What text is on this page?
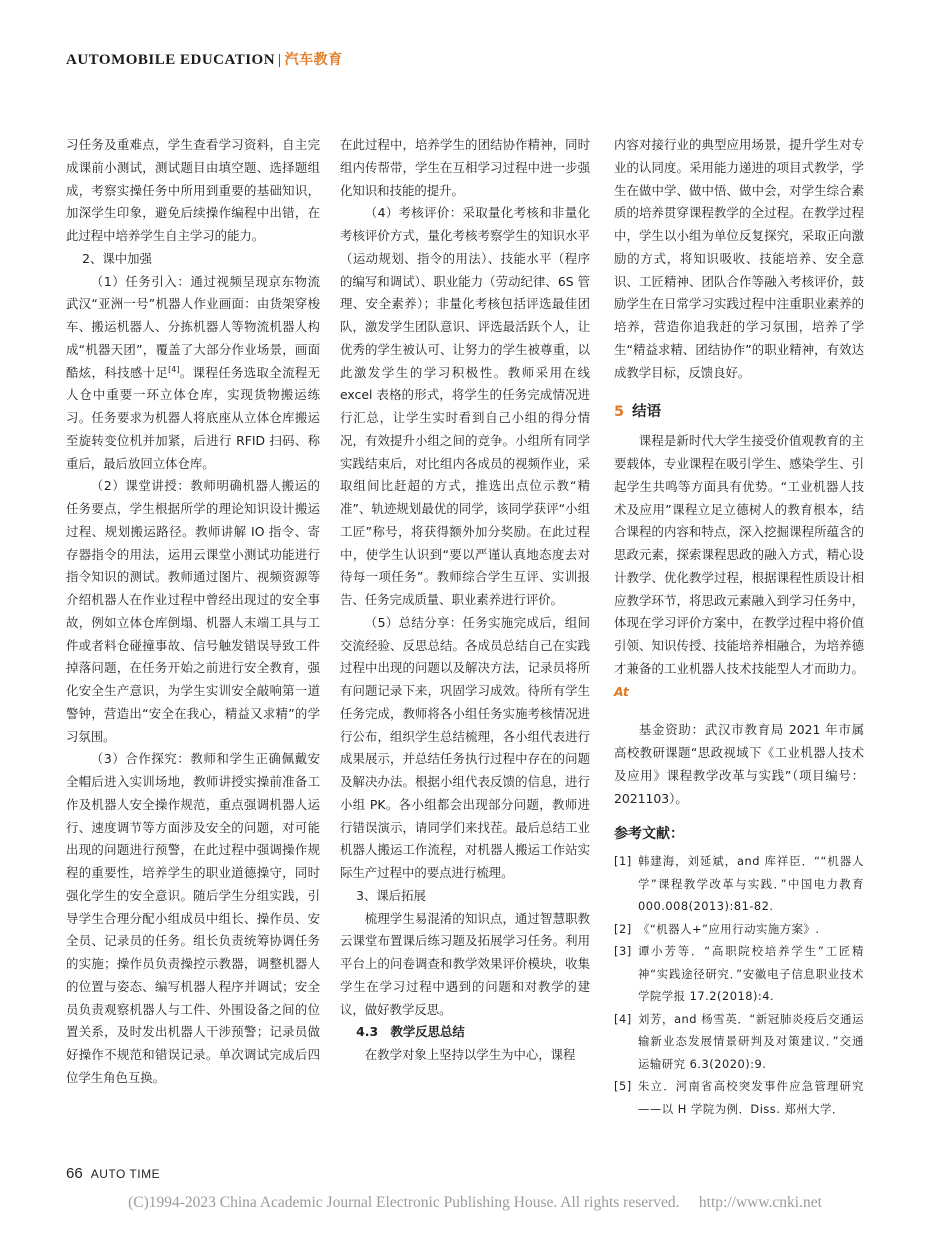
AUTOMOBILE EDUCATION | 汽车教育

习任务及重难点，学生查看学习资料，自主完成课前小测试，测试题目由填空题、选择题组成，考察实操任务中所用到重要的基础知识，加深学生印象，避免后续操作编程中出错，在此过程中培养学生自主学习的能力。

2、课中加强

（1）任务引入：通过视频呈现京东物流武汉“亚洲一号”机器人作业画面：由货架穿梭车、搬运机器人、分拣机器人等物流机器人构成“机器天团”，覆盖了大部分作业场景，画面酷炫，科技感十足[4]。课程任务选取全流程无人仓中重要一环立体仓库，实现货物搬运练习。任务要求为机器人将底座从立体仓库搬运至旋转变位机并加紧，后进行 RFID 扫码、称重后，最后放回立体仓库。

（2）课堂讲授：教师明确机器人搬运的任务要点，学生根据所学的理论知识设计搬运过程、规划搬运路径。教师讲解 IO 指令、寄存器指令的用法，运用云课堂小测试功能进行指令知识的测试。教师通过图片、视频资源等介绍机器人在作业过程中曾经出现过的安全事故，例如立体仓库倒塌、机器人末端工具与工件或者料仓碰撞事故、信号触发错误导致工件掉落问题，在任务开始之前进行安全教育，强化安全生产意识，为学生实训安全敲响第一道警钟，营造出“安全在我心，精益又求精”的学习氛围。

（3）合作探究：教师和学生正确佩戴安全帽后进入实训场地，教师讲授实操前准备工作及机器人安全操作规范，重点强调机器人运行、速度调节等方面涉及安全的问题，对可能出现的问题进行预警，在此过程中强调操作规程的重要性，培养学生的职业道德操守，同时强化学生的安全意识。随后学生分组实践，引导学生合理分配小组成员中组长、操作员、安全员、记录员的任务。组长负责统筹协调任务的实施；操作员负责操控示教器，调整机器人的位置与姿态、编写机器人程序并调试；安全员负责观察机器人与工件、外围设备之间的位置关系，及时发出机器人干涉预警；记录员做好操作不规范和错误记录。单次调试完成后四位学生角色互换。

在此过程中，培养学生的团结协作精神，同时组内传帮带，学生在互相学习过程中进一步强化知识和技能的提升。

（4）考核评价：采取量化考核和非量化考核评价方式，量化考核考察学生的知识水平（运动规划、指令的用法）、技能水平（程序的编写和调试）、职业能力（劳动纪律、6S 管理、安全素养）；非量化考核包括评选最佳团队，激发学生团队意识、评选最活跃个人，让优秀的学生被认可、让努力的学生被尊重，以此激发学生的学习积极性。教师采用在线 excel 表格的形式，将学生的任务完成情况进行汇总，让学生实时看到自己小组的得分情况，有效提升小组之间的竞争。小组所有同学实践结束后，对比组内各成员的视频作业，采取组间比赶超的方式，推选出点位示教“精准”、轨迹规划最优的同学，该同学获评“小组工匠”称号，将获得额外加分奖励。在此过程中，使学生认识到“要以严谨认真地态度去对待每一项任务”。教师综合学生互评、实训报告、任务完成质量、职业素养进行评价。

（5）总结分享：任务实施完成后，组间交流经验、反思总结。各成员总结自己在实践过程中出现的问题以及解决方法，记录员将所有问题记录下来，巩固学习成效。待所有学生任务完成，教师将各小组任务实施考核情况进行公布，组织学生总结梳理，各小组代表进行成果展示，并总结任务执行过程中存在的问题及解决办法。根据小组代表反馈的信息，进行小组 PK。各小组都会出现部分问题，教师进行错误演示，请同学们来找茬。最后总结工业机器人搬运工作流程，对机器人搬运工作站实际生产过程中的要点进行梳理。

3、课后拓展

梳理学生易混淆的知识点，通过智慧职教云课堂布置课后练习题及拓展学习任务。利用平台上的问卷调查和教学效果评价模块，收集学生在学习过程中遇到的问题和对教学的建议，做好教学反思。

4.3　教学反思总结

在教学对象上坚持以学生为中心，课程

内容对接行业的典型应用场景，提升学生对专业的认同度。采用能力递进的项目式教学，学生在做中学、做中悟、做中会，对学生综合素质的培养贯穿课程教学的全过程。在教学过程中，学生以小组为单位反复探究，采取正向激励的方式，将知识吸收、技能培养、安全意识、工匠精神、团队合作等融入考核评价，鼓励学生在日常学习实践过程中注重职业素养的培养，营造你追我赶的学习氛围，培养了学生“精益求精、团结协作”的职业精神，有效达成教学目标，反馈良好。

5 结语

课程是新时代大学生接受价值观教育的主要载体，专业课程在吸引学生、感染学生、引起学生共鸣等方面具有优势。“工业机器人技术及应用”课程立足立德树人的教育根本，结合课程的内容和特点，深入挖掘课程所蕴含的思政元素，探索课程思政的融入方式，精心设计教学、优化教学过程，根据课程性质设计相应教学环节，将思政元素融入到学习任务中，体现在学习评价方案中，在教学过程中将价值引领、知识传授、技能培养相融合，为培养德才兼备的工业机器人技术技能型人才而助力。At

基金资助：武汉市教育局 2021 年市属高校教研课题“思政视域下《工业机器人技术及应用》课程教学改革与实践”（项目编号：2021103）。

参考文献：
[1] 韩建海，刘延斌，and 库祥臣．““机器人学”课程教学改革与实践．”中国电力教育 000.008(2013):81-82.
[2] 《“机器人+”应用行动实施方案》.
[3] 谭小芳等．“高职院校培养学生”工匠精神“实践途径研究．”安徽电子信息职业技术学院学报 17.2(2018):4.
[4] 刘芳，and 杨雪英．“新冠肺炎疫后交通运输新业态发展情景研判及对策建议．”交通运输研究 6.3(2020):9.
[5] 朱立．河南省高校突发事件应急管理研究——以 H 学院为例．Diss. 郑州大学．
66 AUTO TIME
(C)1994-2023 China Academic Journal Electronic Publishing House. All rights reserved.　 http://www.cnki.net
